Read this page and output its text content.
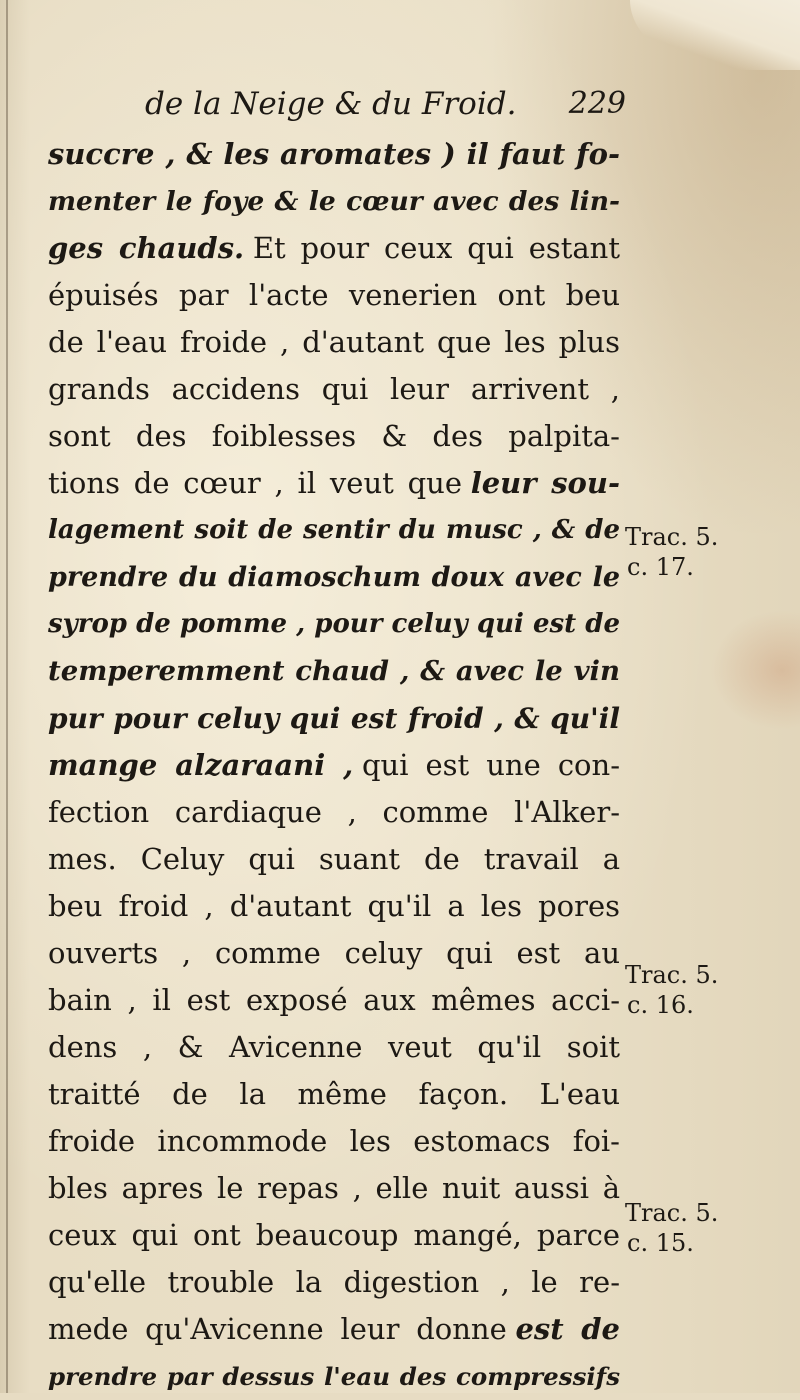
de la Neige & du Froid. 229
succre , & les aromates ) il faut fo-
menter le foye & le cœur avec des lin-
ges chauds. Et pour ceux qui estant
épuisés par l'acte venerien ont beu
de l'eau froide , d'autant que les plus
grands accidens qui leur arrivent ,
sont des foiblesses & des palpita-
tions de cœur , il veut que leur sou-
lagement soit de sentir du musc , & de
prendre du diamoschum doux avec le
syrop de pomme , pour celuy qui est de
temperemment chaud , & avec le vin
pur pour celuy qui est froid , & qu'il
mange alzaraani , qui est une con-
fection cardiaque , comme l'Alker-
mes. Celuy qui suant de travail a
beu froid , d'autant qu'il a les pores
ouverts , comme celuy qui est au
bain , il est exposé aux mêmes acci-
dens , & Avicenne veut qu'il soit
traitté de la même façon. L'eau
froide incommode les estomacs foi-
bles apres le repas , elle nuit aussi à
ceux qui ont beaucoup mangé, parce
qu'elle trouble la digestion , le re-
mede qu'Avicenne leur donne est de
prendre par dessus l'eau des compressifs
Trac. 5.
c. 17.
Trac. 5.
c. 16.
Trac. 5.
c. 15.
